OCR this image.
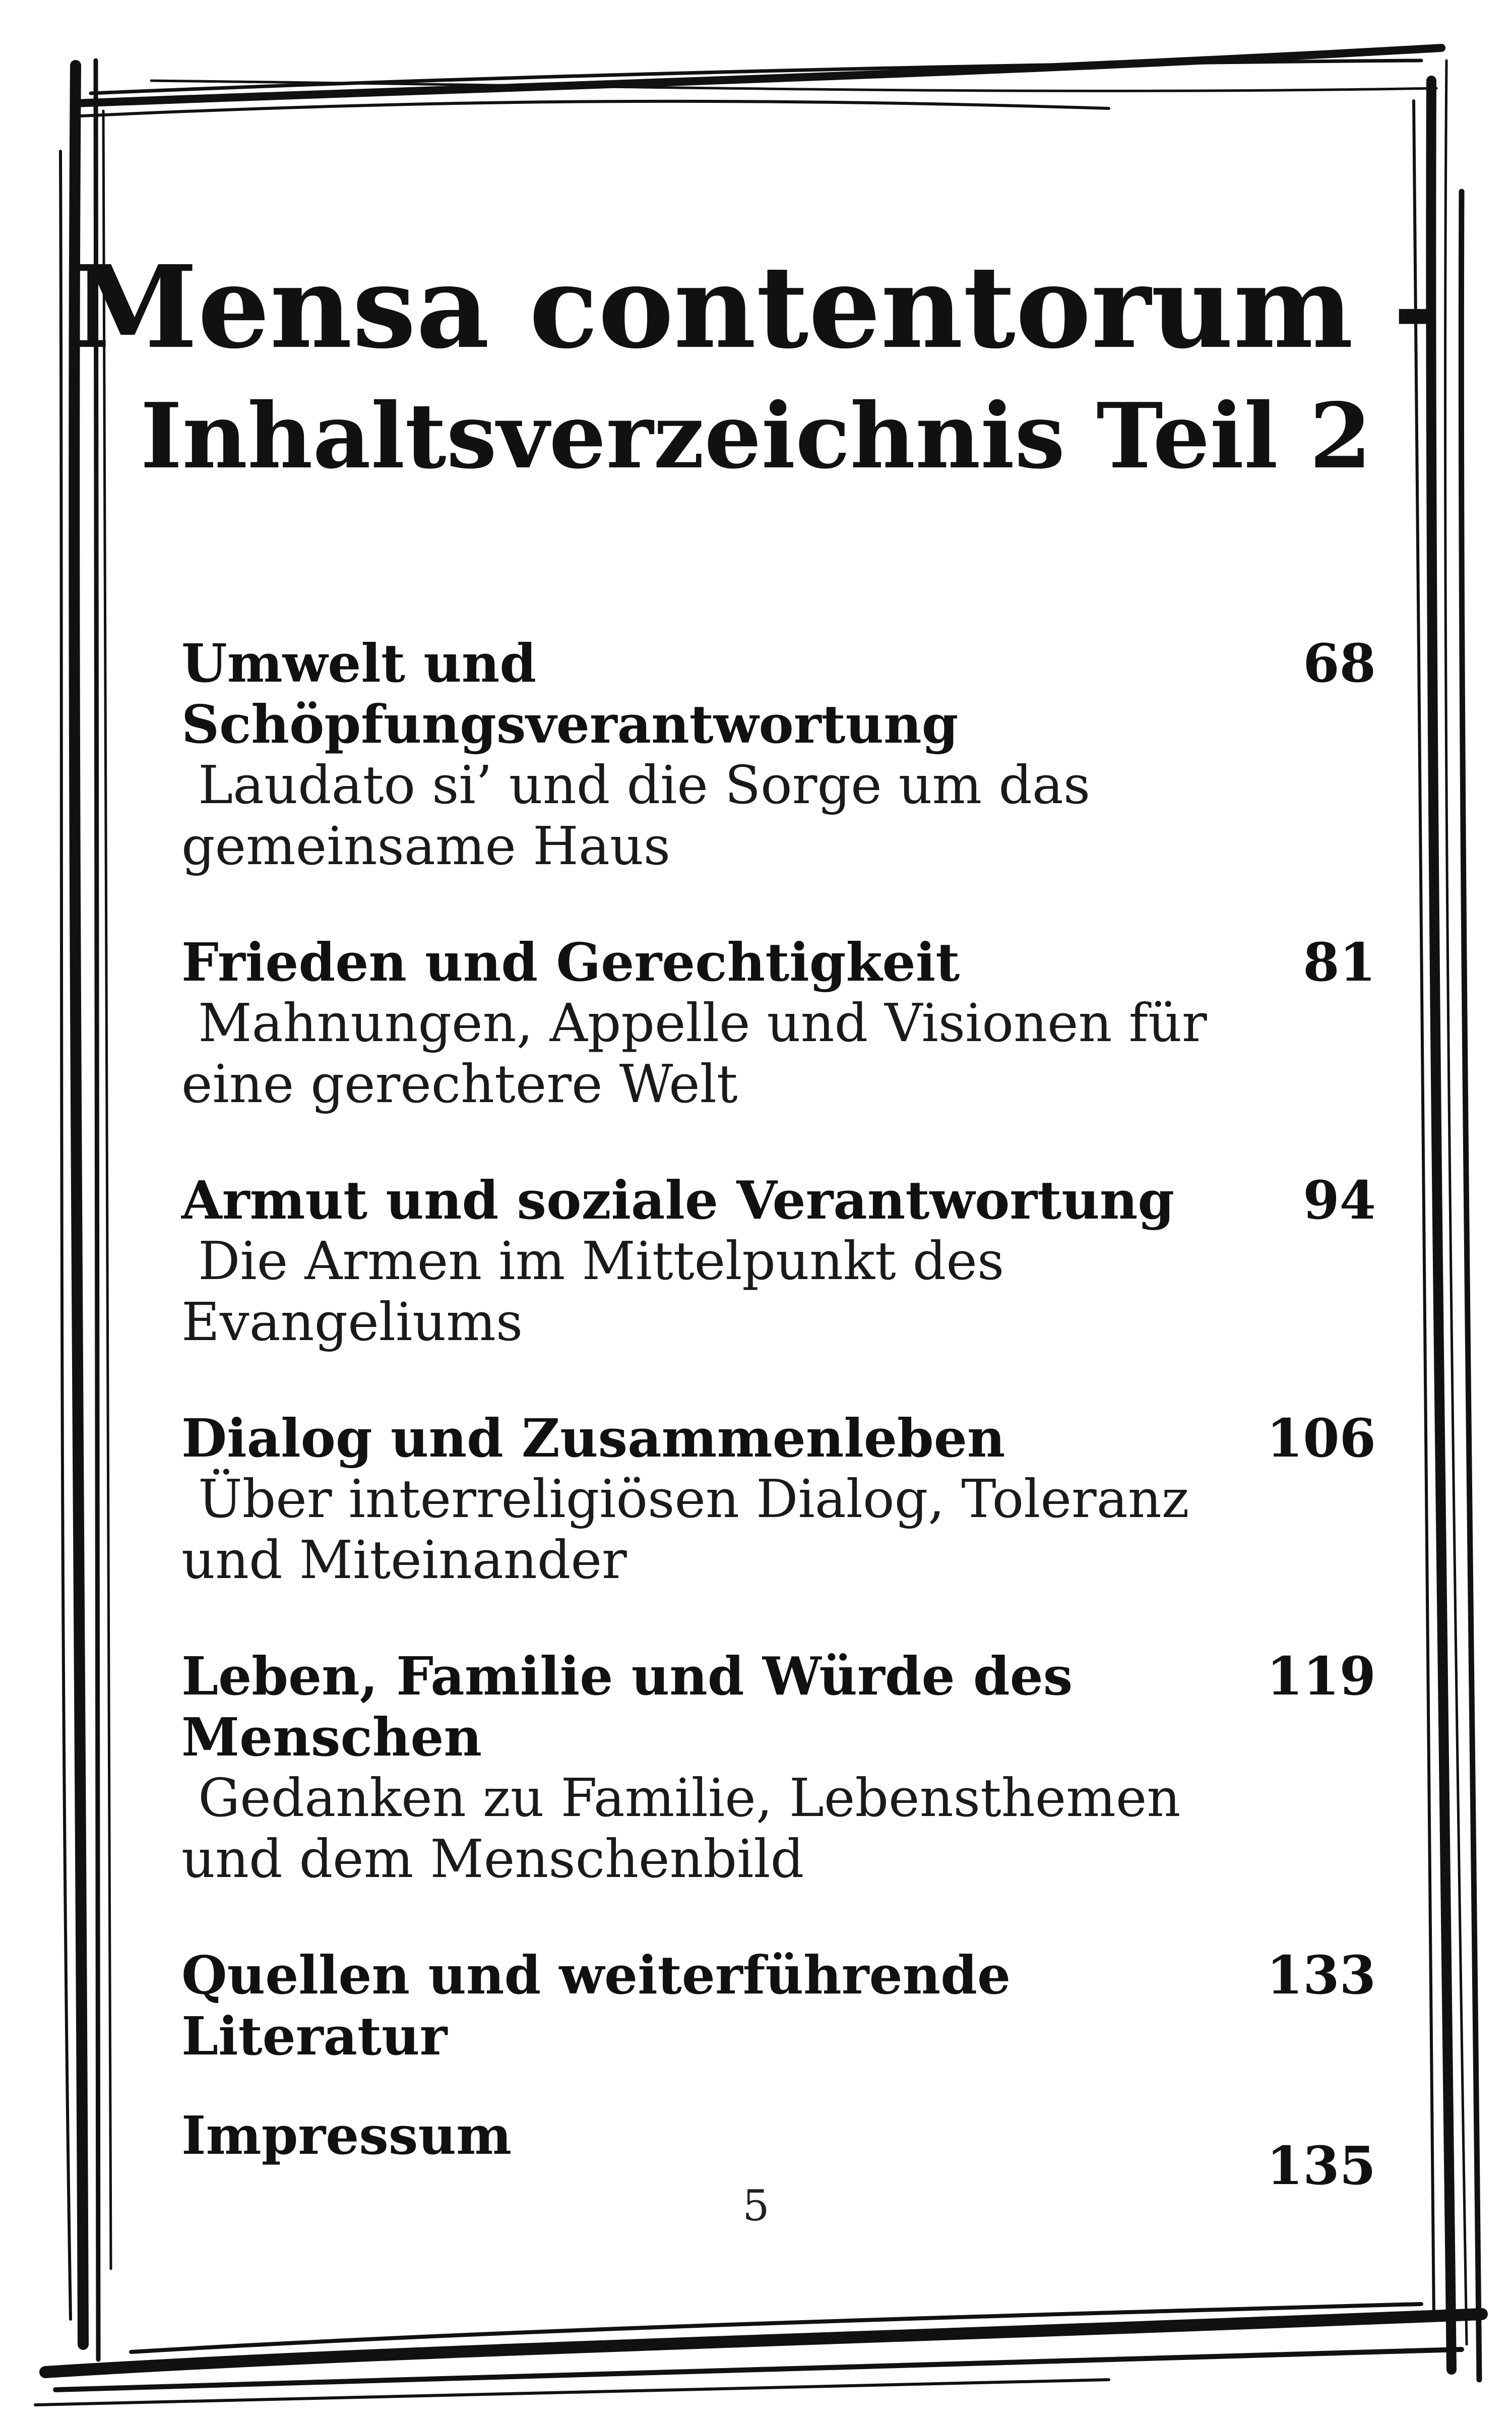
Mensa contentorum -
Inhaltsverzeichnis Teil 2
Umwelt und Schöpfungsverantwortung
Laudato si’ und die Sorge um das gemeinsame Haus
68
Frieden und Gerechtigkeit
Mahnungen, Appelle und Visionen für eine gerechtere Welt
81
Armut und soziale Verantwortung
Die Armen im Mittelpunkt des Evangeliums
94
Dialog und Zusammenleben
Über interreligiösen Dialog, Toleranz und Miteinander
106
Leben, Familie und Würde des Menschen
Gedanken zu Familie, Lebensthemen und dem Menschenbild
119
Quellen und weiterführende Literatur
133
Impressum	135
5
